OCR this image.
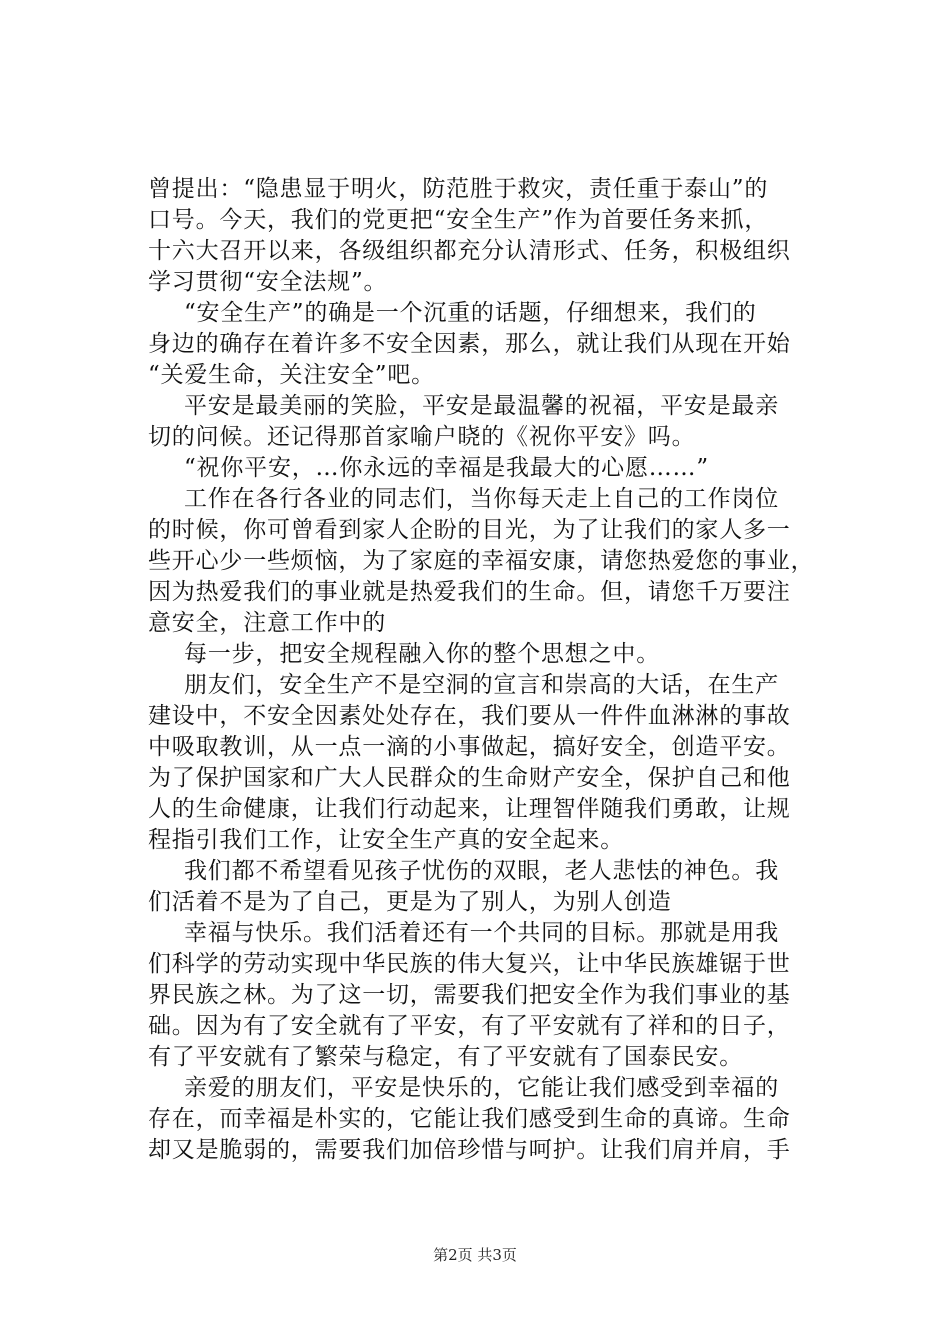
曾提出：“隐患显于明火，防范胜于救灾，责任重于泰山”的
口号。今天，我们的党更把“安全生产”作为首要任务来抓，
十六大召开以来，各级组织都充分认清形式、任务，积极组织
学习贯彻“安全法规”。
“安全生产”的确是一个沉重的话题，仔细想来，我们的
身边的确存在着许多不安全因素，那么，就让我们从现在开始
“关爱生命，关注安全”吧。
平安是最美丽的笑脸，平安是最温馨的祝福，平安是最亲
切的问候。还记得那首家喻户晓的《祝你平安》吗。
“祝你平安，…你永远的幸福是我最大的心愿……”
工作在各行各业的同志们，当你每天走上自己的工作岗位
的时候，你可曾看到家人企盼的目光，为了让我们的家人多一
些开心少一些烦恼，为了家庭的幸福安康，请您热爱您的事业，
因为热爱我们的事业就是热爱我们的生命。但，请您千万要注
意安全，注意工作中的
每一步，把安全规程融入你的整个思想之中。
朋友们，安全生产不是空洞的宣言和崇高的大话，在生产
建设中，不安全因素处处存在，我们要从一件件血淋淋的事故
中吸取教训，从一点一滴的小事做起，搞好安全，创造平安。
为了保护国家和广大人民群众的生命财产安全，保护自己和他
人的生命健康，让我们行动起来，让理智伴随我们勇敢，让规
程指引我们工作，让安全生产真的安全起来。
我们都不希望看见孩子忧伤的双眼，老人悲怯的神色。我
们活着不是为了自己，更是为了别人，为别人创造
幸福与快乐。我们活着还有一个共同的目标。那就是用我
们科学的劳动实现中华民族的伟大复兴，让中华民族雄锯于世
界民族之林。为了这一切，需要我们把安全作为我们事业的基
础。因为有了安全就有了平安，有了平安就有了祥和的日子，
有了平安就有了繁荣与稳定，有了平安就有了国泰民安。
亲爱的朋友们，平安是快乐的，它能让我们感受到幸福的
存在，而幸福是朴实的，它能让我们感受到生命的真谛。生命
却又是脆弱的，需要我们加倍珍惜与呵护。让我们肩并肩，手
第2页 共3页
